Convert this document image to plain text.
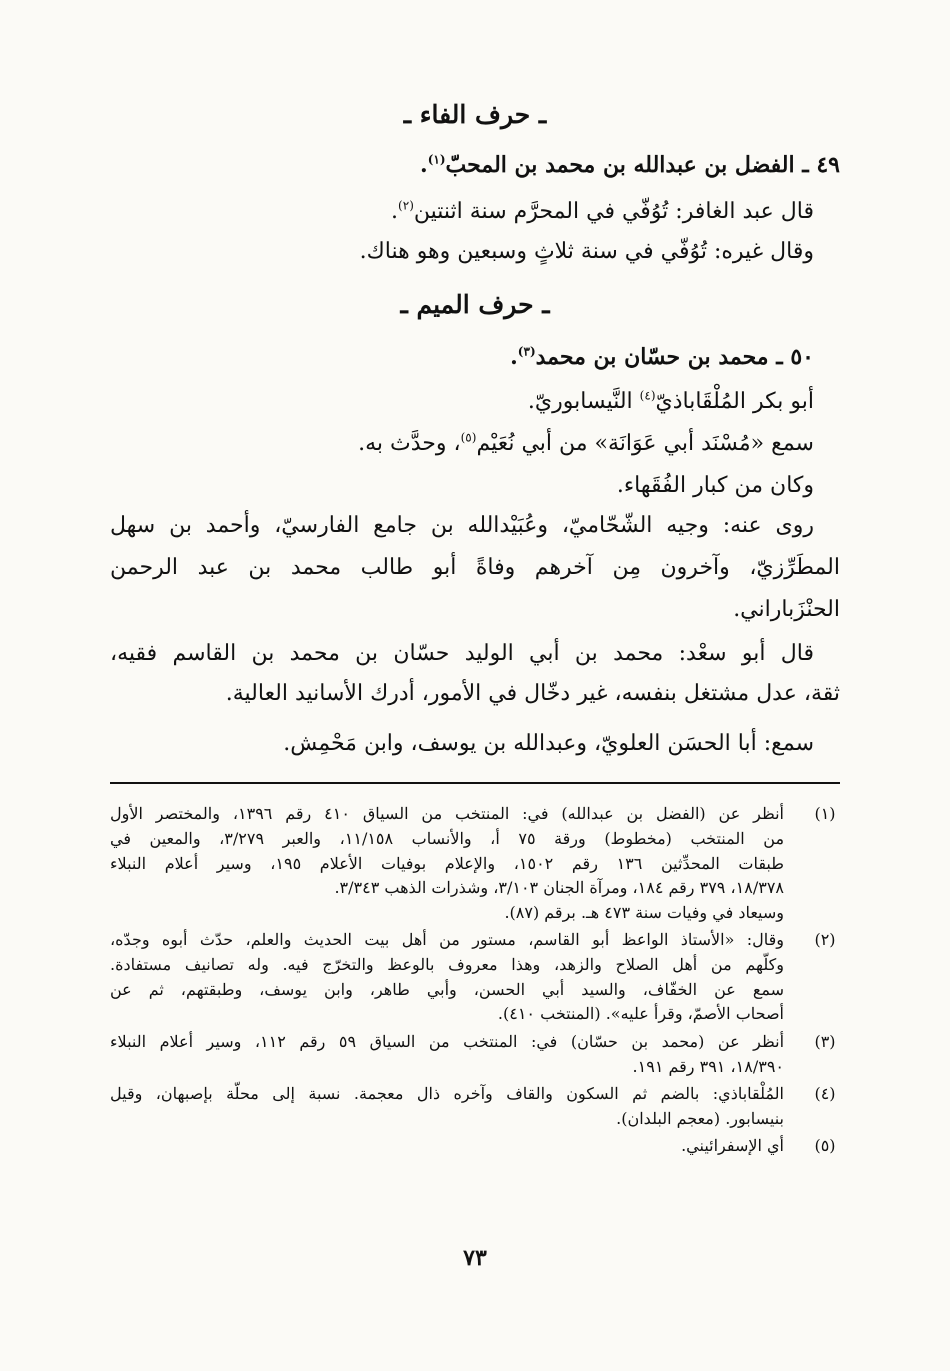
ـ حرف الفاء ـ

٤٩ ـ الفضل بن عبدالله بن محمد بن المحبّ$^{(١)}$.

قال عبد الغافر: تُوُفّي في المحرَّم سنة اثنتين$^{(٢)}$.

وقال غيره: تُوُفّي في سنة ثلاثٍ وسبعين وهو هناك.

ـ حرف الميم ـ

٥٠ ـ محمد بن حسّان بن محمد$^{(٣)}$.

أبو بكر المُلْقَاباذيّ$^{(٤)}$ النَّيسابوريّ.

سمع «مُسْنَد أبي عَوَانَة» من أبي نُعَيْم$^{(٥)}$، وحدَّث به.

وكان من كبار الفُقَهاء.

روى عنه: وجيه الشّحّاميّ، وعُبَيْدالله بن جامع الفارسيّ، وأحمد بن سهل

المطَرِّزيّ، وآخرون مِن آخرهم وفاةً أبو طالب محمد بن عبد الرحمن

الحنْزَباراني.

قال أبو سعْد: محمد بن أبي الوليد حسّان بن محمد بن القاسم فقيه،

ثقة، عدل مشتغل بنفسه، غير دخّال في الأمور، أدرك الأسانيد العالية.

سمع: أبا الحسَن العلويّ، وعبدالله بن يوسف، وابن مَحْمِش.

(١)
أنظر عن (الفضل بن عبدالله) في: المنتخب من السياق ٤١٠ رقم ١٣٩٦، والمختصر الأول

من المنتخب (مخطوط) ورقة ٧٥ أ، والأنساب ١١/١٥٨، والعبر ٣/٢٧٩، والمعين في

طبقات المحدِّثين ١٣٦ رقم ١٥٠٢، والإعلام بوفيات الأعلام ١٩٥، وسير أعلام النبلاء

١٨/٣٧٨، ٣٧٩ رقم ١٨٤، ومرآة الجنان ٣/١٠٣، وشذرات الذهب ٣/٣٤٣.

وسيعاد في وفيات سنة ٤٧٣ هـ. برقم (٨٧).

(٢)
وقال: «الأستاذ الواعظ أبو القاسم، مستور من أهل بيت الحديث والعلم، حدّث أبوه وجدّه،

وكلّهم من أهل الصلاح والزهد، وهذا معروف بالوعظ والتخرّج فيه. وله تصانيف مستفادة.

سمع عن الخفّاف، والسيد أبي الحسن، وأبي طاهر، وابن يوسف، وطبقتهم، ثم عن

أصحاب الأصمّ، وقرأ عليه». (المنتخب ٤١٠).

(٣)
أنظر عن (محمد بن حسّان) في: المنتخب من السياق ٥٩ رقم ١١٢، وسير أعلام النبلاء

١٨/٣٩٠، ٣٩١ رقم ١٩١.

(٤)
المُلْقاباذي: بالضم ثم السكون والقاف وآخره ذال معجمة. نسبة إلى محلّة بإصبهان، وقيل

بنيسابور. (معجم البلدان).

(٥)
أي الإسفرائيني.

٧٣
